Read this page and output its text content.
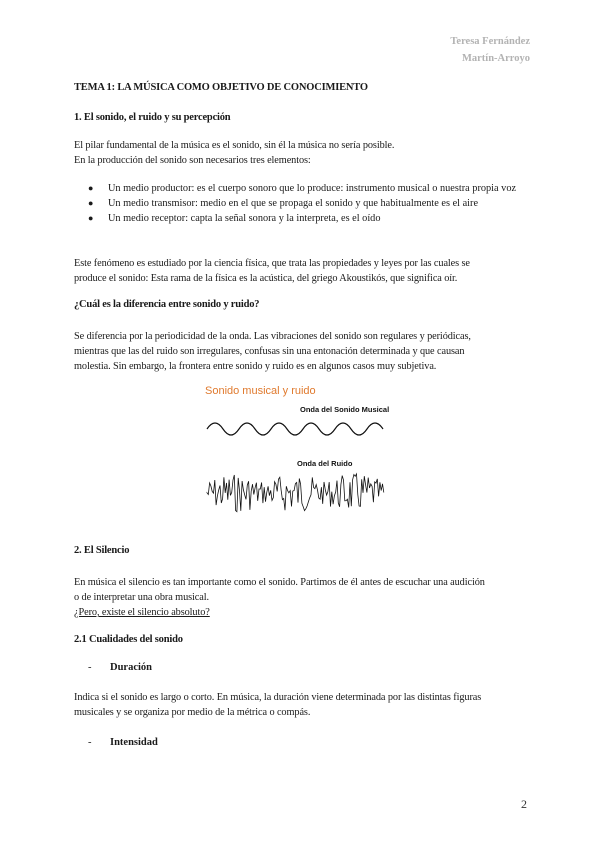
Teresa Fernández
Martín-Arroyo
TEMA 1: LA MÚSICA COMO OBJETIVO DE CONOCIMIENTO
1. El sonido, el ruido y su percepción
El pilar fundamental de la música es el sonido, sin él la música no sería posible.
En la producción del sonido son necesarios tres elementos:
● Un medio productor: es el cuerpo sonoro que lo produce: instrumento musical o nuestra propia voz
● Un medio transmisor: medio en el que se propaga el sonido y que habitualmente es el aire
● Un medio receptor: capta la señal sonora y la interpreta, es el oído
Este fenómeno es estudiado por la ciencia física, que trata las propiedades y leyes por las cuales se
produce el sonido: Esta rama de la física es la acústica, del griego Akoustikós, que significa oír.
¿Cuál es la diferencia entre sonido y ruido?
Se diferencia por la periodicidad de la onda. Las vibraciones del sonido son regulares y periódicas,
mientras que las del ruido son irregulares, confusas sin una entonación determinada y que causan
molestia. Sin embargo, la frontera entre sonido y ruido es en algunos casos muy subjetiva.
Sonido musical y ruido
Onda del Sonido Musical
Onda del Ruido
2. El Silencio
En música el silencio es tan importante como el sonido. Partimos de él antes de escuchar una audición
o de interpretar una obra musical.
¿Pero, existe el silencio absoluto?
2.1 Cualidades del sonido
- Duración
Indica si el sonido es largo o corto. En música, la duración viene determinada por las distintas figuras
musicales y se organiza por medio de la métrica o compás.
- Intensidad
2
